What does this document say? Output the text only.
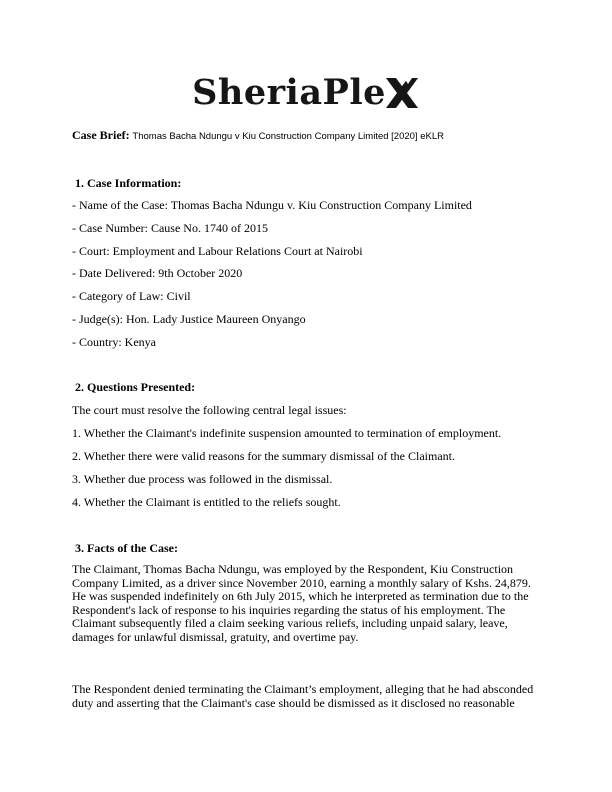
SheriaPle
Case Brief: Thomas Bacha Ndungu v Kiu Construction Company Limited [2020] eKLR
1. Case Information:
- Name of the Case: Thomas Bacha Ndungu v. Kiu Construction Company Limited
- Case Number: Cause No. 1740 of 2015
- Court: Employment and Labour Relations Court at Nairobi
- Date Delivered: 9th October 2020
- Category of Law: Civil
- Judge(s): Hon. Lady Justice Maureen Onyango
- Country: Kenya
2. Questions Presented:
The court must resolve the following central legal issues:
1. Whether the Claimant's indefinite suspension amounted to termination of employment.
2. Whether there were valid reasons for the summary dismissal of the Claimant.
3. Whether due process was followed in the dismissal.
4. Whether the Claimant is entitled to the reliefs sought.
3. Facts of the Case:
The Claimant, Thomas Bacha Ndungu, was employed by the Respondent, Kiu Construction
Company Limited, as a driver since November 2010, earning a monthly salary of Kshs. 24,879.
He was suspended indefinitely on 6th July 2015, which he interpreted as termination due to the
Respondent's lack of response to his inquiries regarding the status of his employment. The
Claimant subsequently filed a claim seeking various reliefs, including unpaid salary, leave,
damages for unlawful dismissal, gratuity, and overtime pay.
The Respondent denied terminating the Claimant’s employment, alleging that he had absconded
duty and asserting that the Claimant's case should be dismissed as it disclosed no reasonable
